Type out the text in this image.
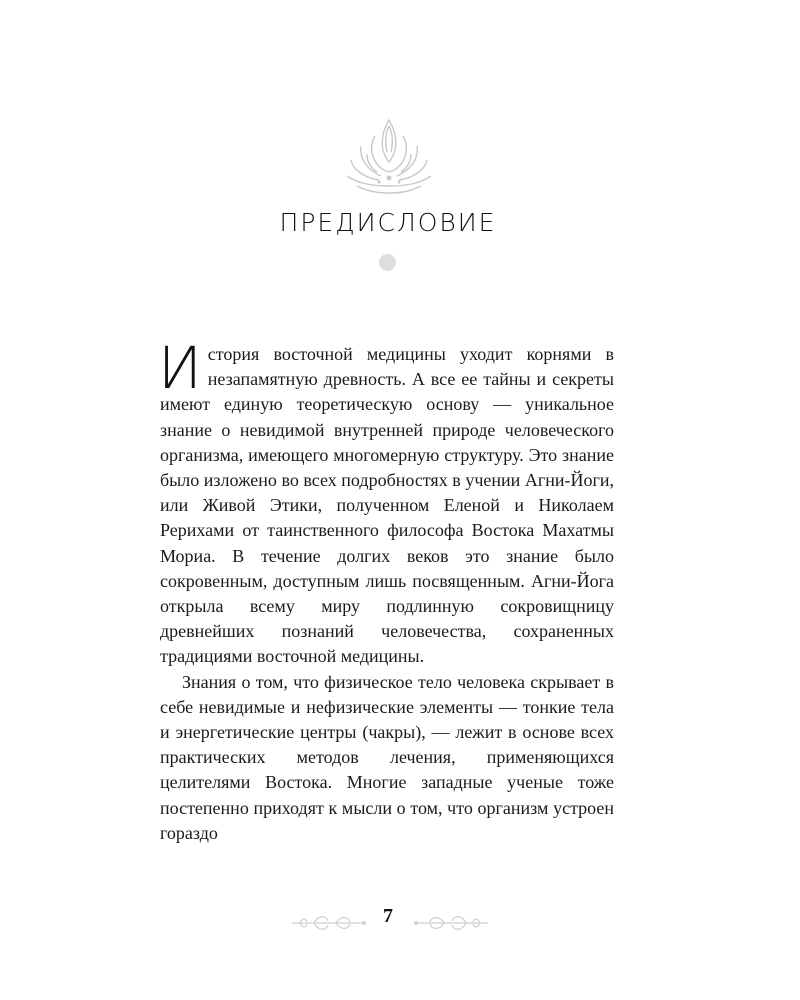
ПРЕДИСЛОВИЕ

История восточной медицины уходит корнями в незапамятную древность. А все ее тайны и секреты имеют единую теоретическую основу — уникальное знание о невидимой внутренней природе человеческого организма, имеющего многомерную структуру. Это знание было изложено во всех подробностях в учении Агни-Йоги, или Живой Этики, полученном Еленой и Николаем Рерихами от таинственного философа Востока Махатмы Мориа. В течение долгих веков это знание было сокровенным, доступным лишь посвященным. Агни-Йога открыла всему миру подлинную сокровищницу древнейших познаний человечества, сохраненных традициями восточной медицины.

Знания о том, что физическое тело человека скрывает в себе невидимые и нефизические элементы — тонкие тела и энергетические центры (чакры), — лежит в основе всех практических методов лечения, применяющихся целителями Востока. Многие западные ученые тоже постепенно приходят к мысли о том, что организм устроен гораздо

7
